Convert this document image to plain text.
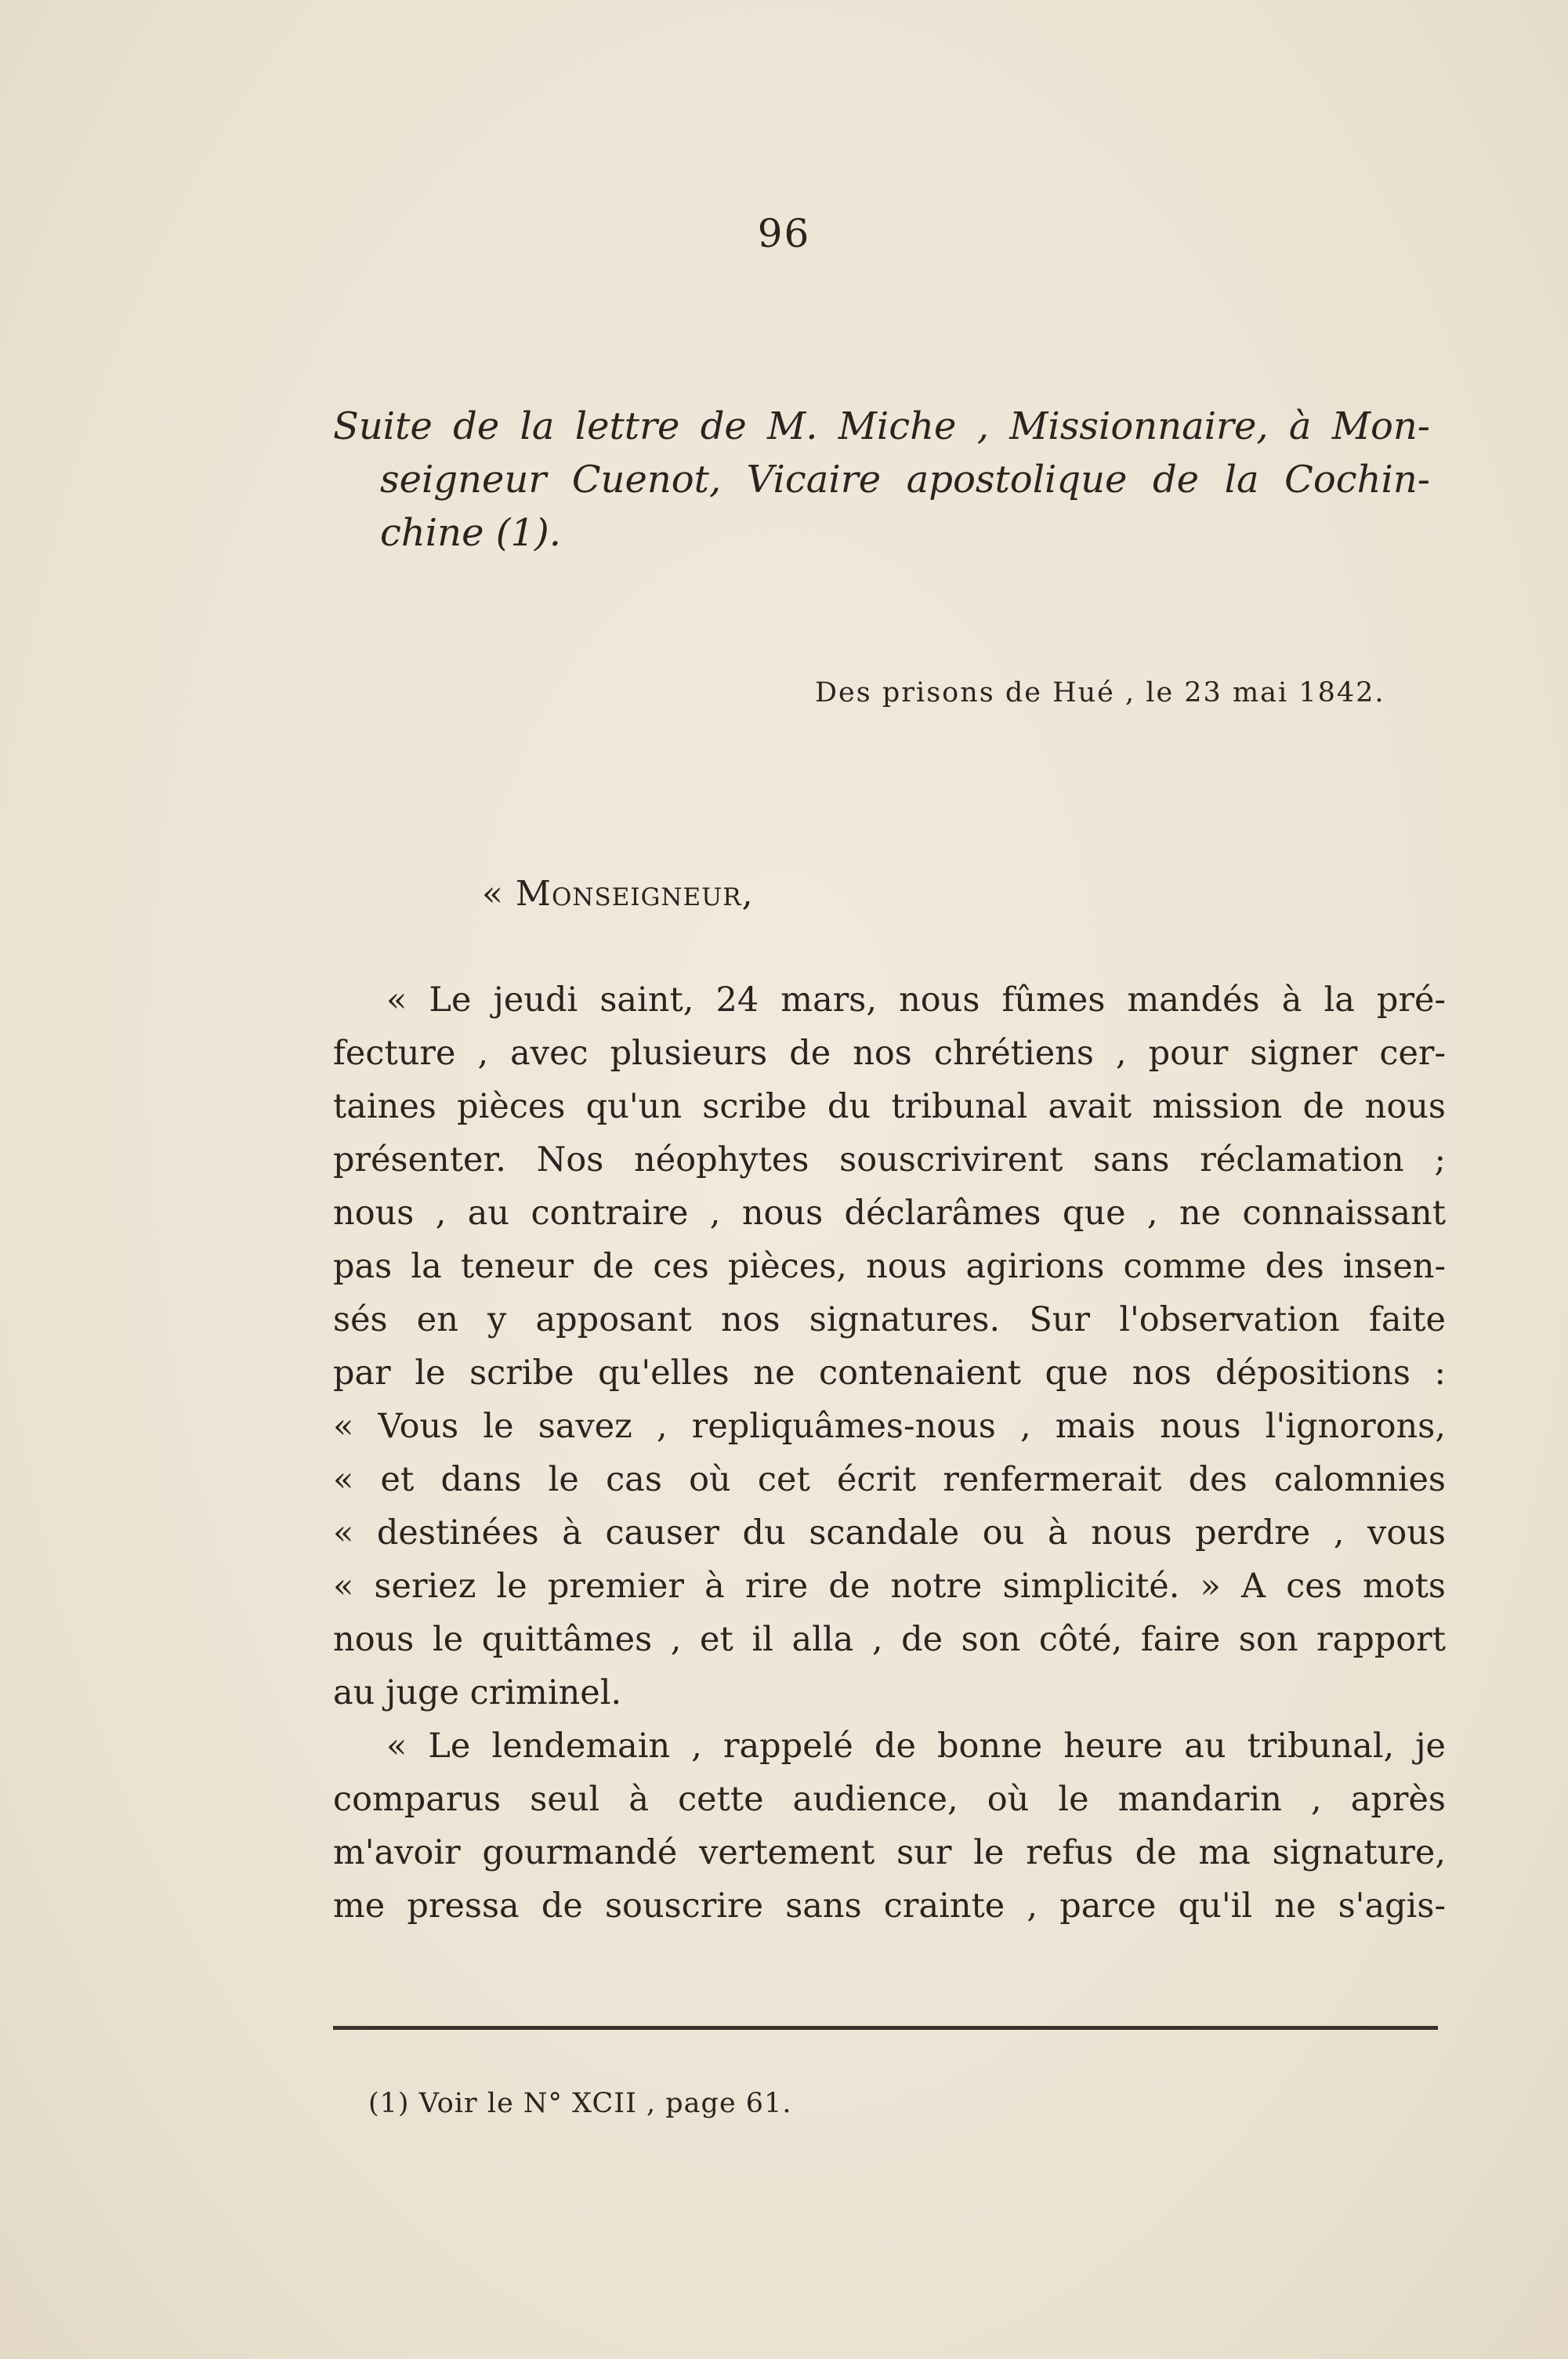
96
Suite de la lettre de M. Miche , Missionnaire, à Mon-
seigneur Cuenot, Vicaire apostolique de la Cochin-
chine (1).
Des prisons de Hué , le 23 mai 1842.
« Monseigneur,
« Le jeudi saint, 24 mars, nous fûmes mandés à la pré-
fecture , avec plusieurs de nos chrétiens , pour signer cer-
taines pièces qu'un scribe du tribunal avait mission de nous
présenter. Nos néophytes souscrivirent sans réclamation ;
nous , au contraire , nous déclarâmes que , ne connaissant
pas la teneur de ces pièces, nous agirions comme des insen-
sés en y apposant nos signatures. Sur l'observation faite
par le scribe qu'elles ne contenaient que nos dépositions :
« Vous le savez , repliquâmes-nous , mais nous l'ignorons,
« et dans le cas où cet écrit renfermerait des calomnies
« destinées à causer du scandale ou à nous perdre , vous
« seriez le premier à rire de notre simplicité. » A ces mots
nous le quittâmes , et il alla , de son côté, faire son rapport
au juge criminel.
« Le lendemain , rappelé de bonne heure au tribunal, je
comparus seul à cette audience, où le mandarin , après
m'avoir gourmandé vertement sur le refus de ma signature,
me pressa de souscrire sans crainte , parce qu'il ne s'agis-
(1) Voir le N° XCII , page 61.
